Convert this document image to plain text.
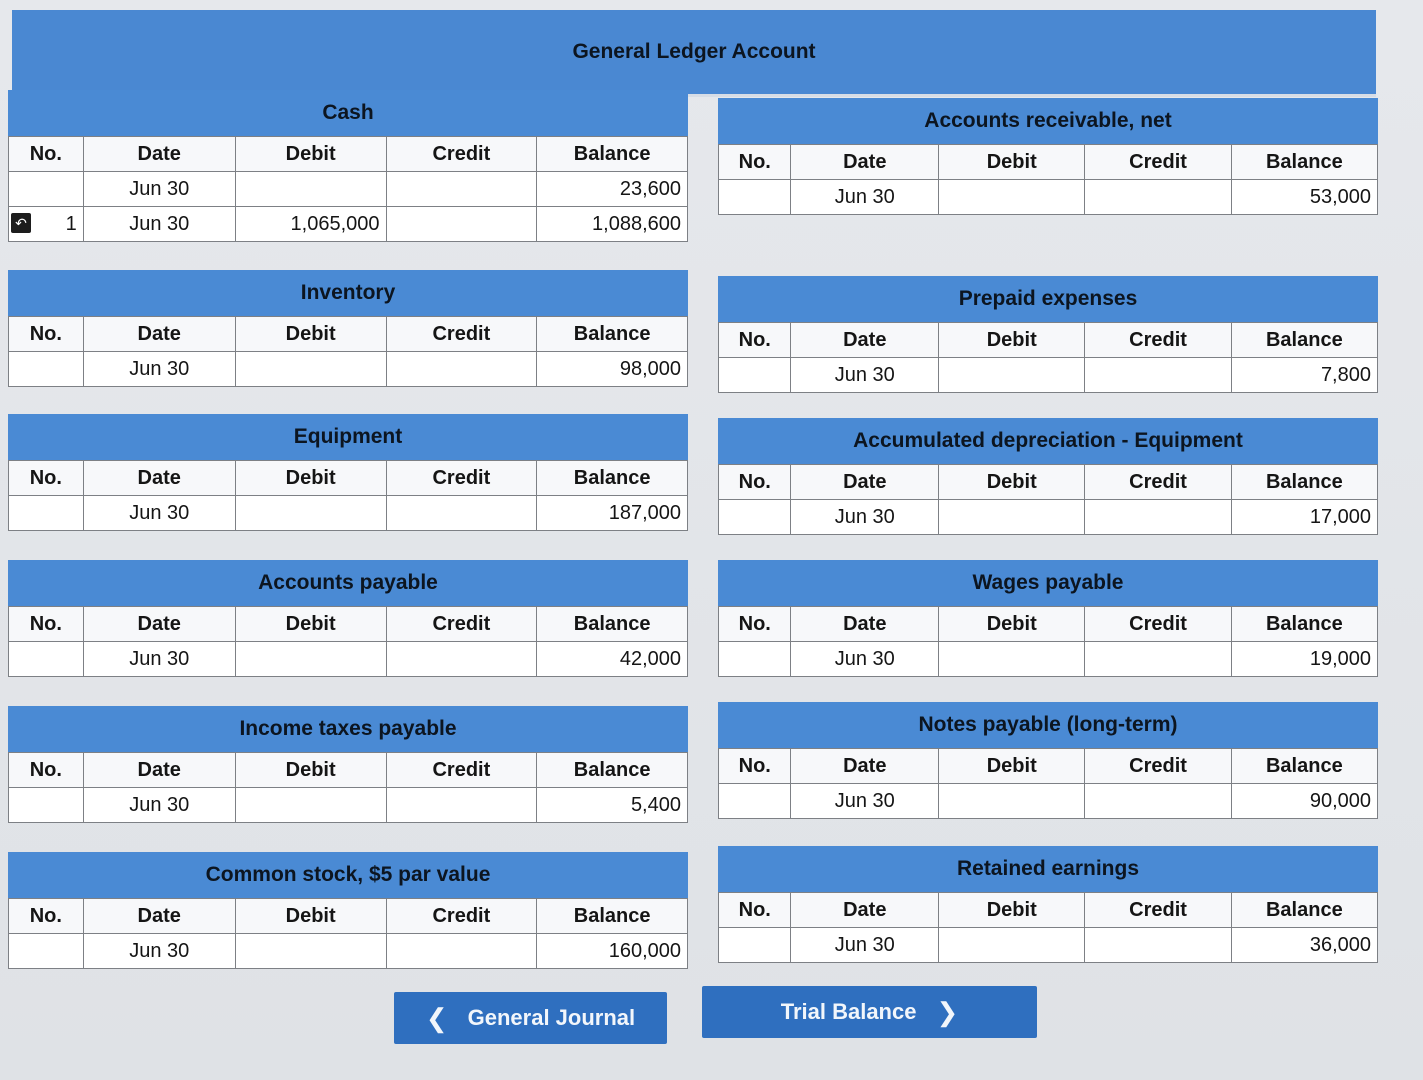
General Ledger Account
Cash
No.	Date	Debit	Credit	Balance
	Jun 30			23,600

↶ 1	Jun 30	1,065,000		1,088,600
Accounts receivable, net
No.	Date	Debit	Credit	Balance
	Jun 30			53,000
Inventory
No.	Date	Debit	Credit	Balance
	Jun 30			98,000
Prepaid expenses
No.	Date	Debit	Credit	Balance
	Jun 30			7,800
Equipment
No.	Date	Debit	Credit	Balance
	Jun 30			187,000
Accumulated depreciation - Equipment
No.	Date	Debit	Credit	Balance
	Jun 30			17,000
Accounts payable
No.	Date	Debit	Credit	Balance
	Jun 30			42,000
Wages payable
No.	Date	Debit	Credit	Balance
	Jun 30			19,000
Income taxes payable
No.	Date	Debit	Credit	Balance
	Jun 30			5,400
Notes payable (long-term)
No.	Date	Debit	Credit	Balance
	Jun 30			90,000
Common stock, $5 par value
No.	Date	Debit	Credit	Balance
	Jun 30			160,000
Retained earnings
No.	Date	Debit	Credit	Balance
	Jun 30			36,000
❮ General Journal	Trial Balance ❯
